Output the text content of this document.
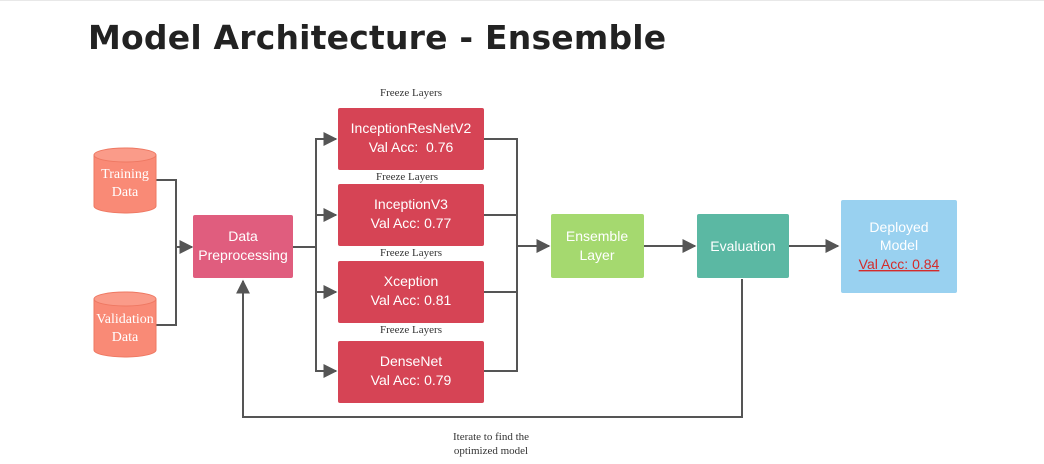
Model Architecture - Ensemble
Training
Data
Validation
Data
Data
Preprocessing
Freeze Layers
InceptionResNetV2
Val Acc:  0.76
Freeze Layers
InceptionV3
Val Acc: 0.77
Freeze Layers
Xception
Val Acc: 0.81
Freeze Layers
DenseNet
Val Acc: 0.79
Ensemble
Layer
Evaluation
Deployed
Model
Val Acc: 0.84
Iterate to find the
optimized model
